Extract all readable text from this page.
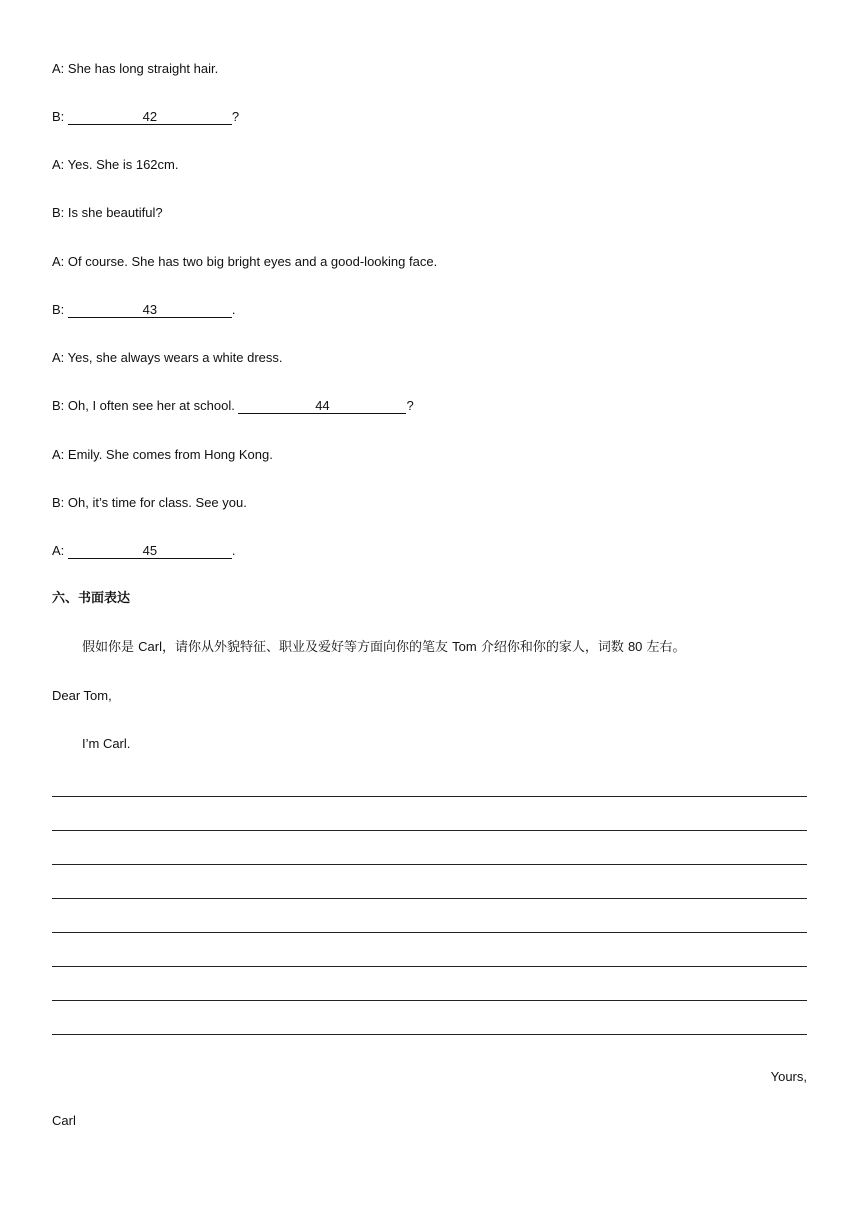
A: She has long straight hair.
B:	42	?
A: Yes. She is 162cm.
B: Is she beautiful?
A: Of course. She has two big bright eyes and a good-looking face.
B:	43	.
A: Yes, she always wears a white dress.
B: Oh, I often see her at school.	44	?
A: Emily. She comes from Hong Kong.
B: Oh, it’s time for class. See you.
A:	45	.
六、书面表达
假如你是 Carl，请你从外貌特征、职业及爱好等方面向你的笔友 Tom 介绍你和你的家人，词数 80 左右。
Dear Tom,
I’m Carl.
Yours,
Carl
